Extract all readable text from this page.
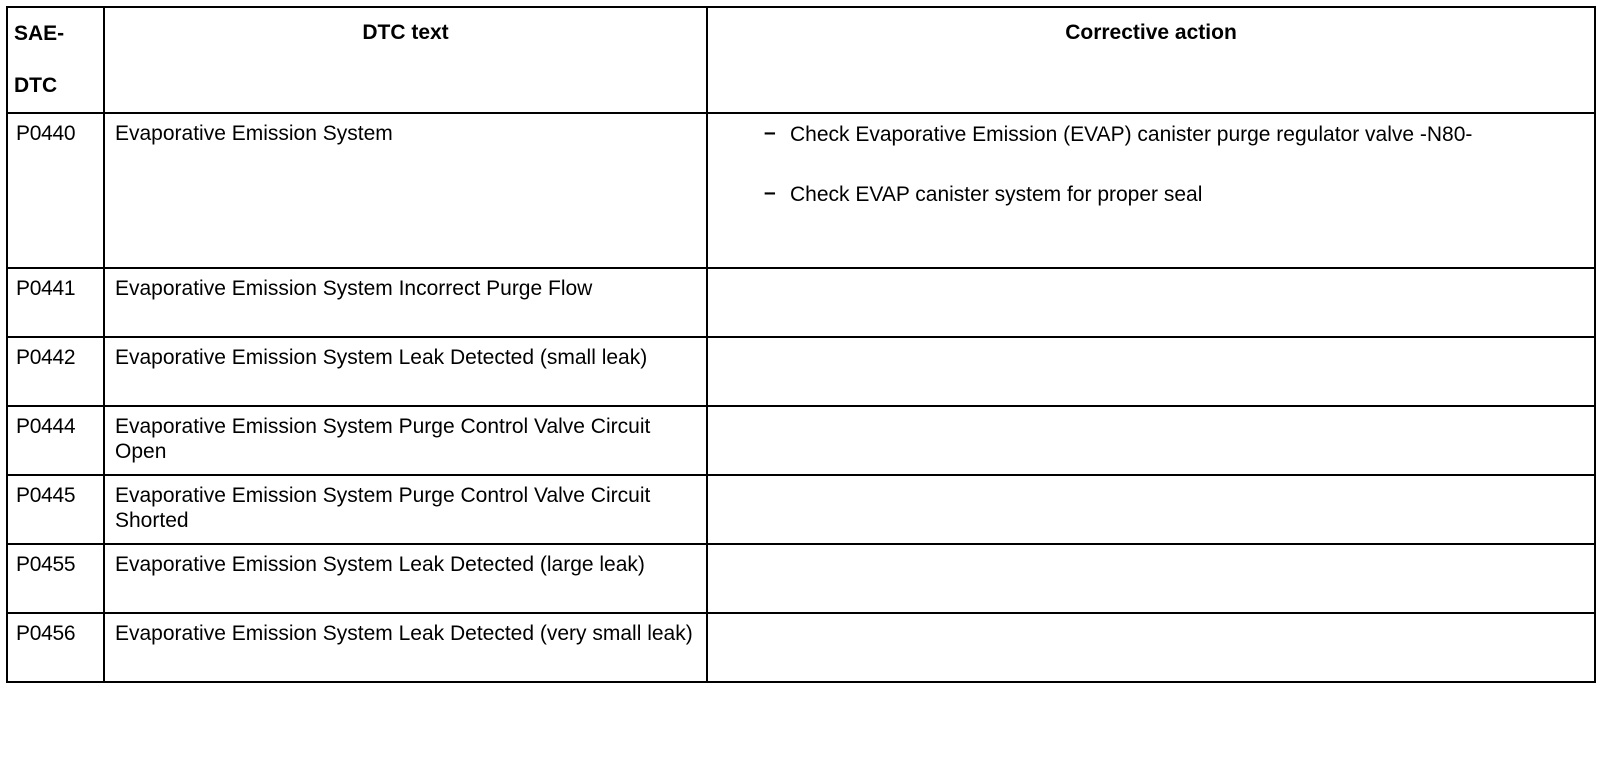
SAE-
DTC	DTC text	Corrective action
P0440	Evaporative Emission System	– Check Evaporative Emission (EVAP) canister purge regulator valve -N80-
– Check EVAP canister system for proper seal

P0441	Evaporative Emission System Incorrect Purge Flow	
P0442	Evaporative Emission System Leak Detected (small leak)	
P0444	Evaporative Emission System Purge Control Valve Circuit Open	
P0445	Evaporative Emission System Purge Control Valve Circuit Shorted	
P0455	Evaporative Emission System Leak Detected (large leak)	
P0456	Evaporative Emission System Leak Detected (very small leak)	
